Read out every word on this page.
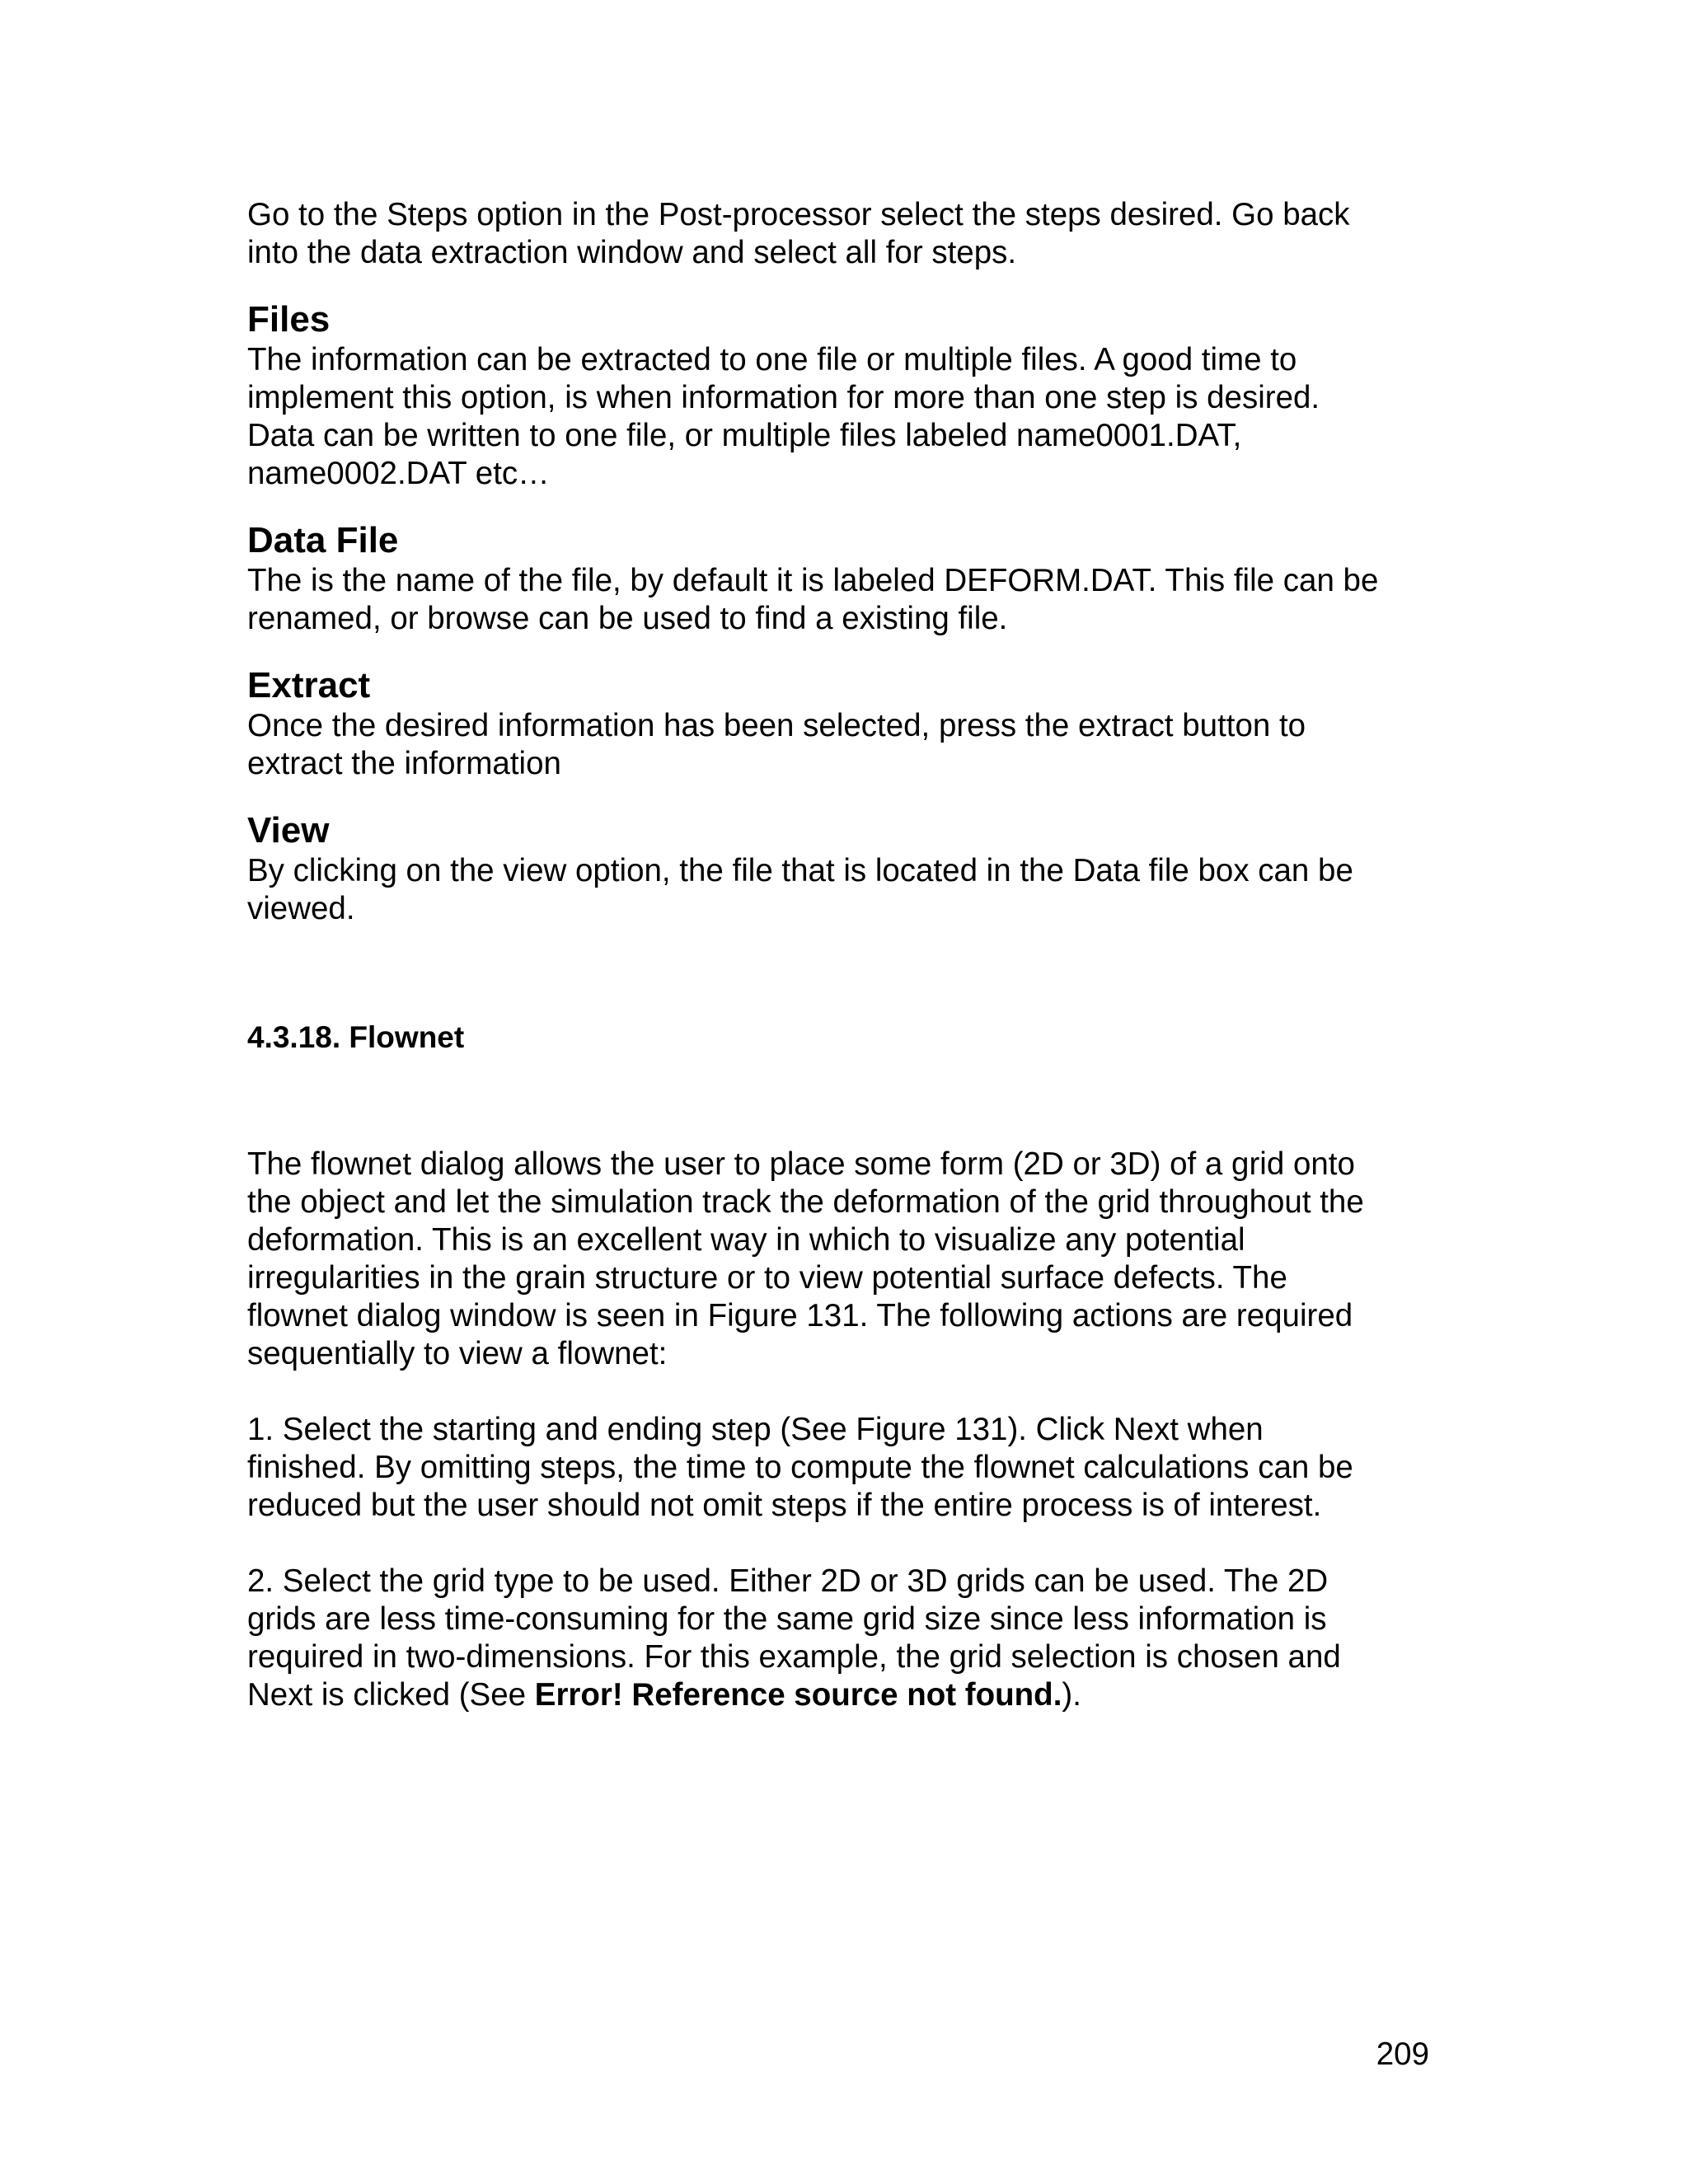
Go to the Steps option in the Post-processor select the steps desired. Go back
into the data extraction window and select all for steps.

Files

The information can be extracted to one file or multiple files. A good time to
implement this option, is when information for more than one step is desired.
Data can be written to one file, or multiple files labeled name0001.DAT,
name0002.DAT etc…

Data File

The is the name of the file, by default it is labeled DEFORM.DAT. This file can be
renamed, or browse can be used to find a existing file.

Extract

Once the desired information has been selected, press the extract button to
extract the information

View

By clicking on the view option, the file that is located in the Data file box can be
viewed.

4.3.18. Flownet

The flownet dialog allows the user to place some form (2D or 3D) of a grid onto
the object and let the simulation track the deformation of the grid throughout the
deformation. This is an excellent way in which to visualize any potential
irregularities in the grain structure or to view potential surface defects. The
flownet dialog window is seen in Figure 131. The following actions are required
sequentially to view a flownet:

1. Select the starting and ending step (See Figure 131). Click Next when
finished. By omitting steps, the time to compute the flownet calculations can be
reduced but the user should not omit steps if the entire process is of interest.

2. Select the grid type to be used. Either 2D or 3D grids can be used. The 2D
grids are less time-consuming for the same grid size since less information is
required in two-dimensions. For this example, the grid selection is chosen and
Next is clicked (See Error! Reference source not found.).

209
